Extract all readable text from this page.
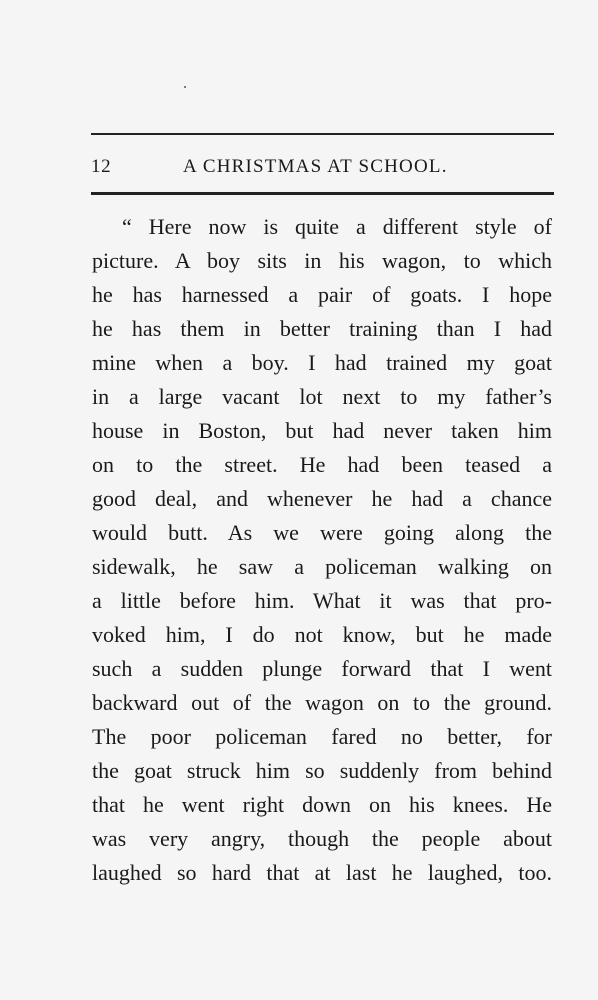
12	A CHRISTMAS AT SCHOOL.
“ Here now is quite a different style of
picture. A boy sits in his wagon, to which
he has harnessed a pair of goats. I hope
he has them in better training than I had
mine when a boy. I had trained my goat
in a large vacant lot next to my father’s
house in Boston, but had never taken him
on to the street. He had been teased a
good deal, and whenever he had a chance
would butt. As we were going along the
sidewalk, he saw a policeman walking on
a little before him. What it was that pro-
voked him, I do not know, but he made
such a sudden plunge forward that I went
backward out of the wagon on to the ground.
The poor policeman fared no better, for
the goat struck him so suddenly from behind
that he went right down on his knees. He
was very angry, though the people about
laughed so hard that at last he laughed, too.
